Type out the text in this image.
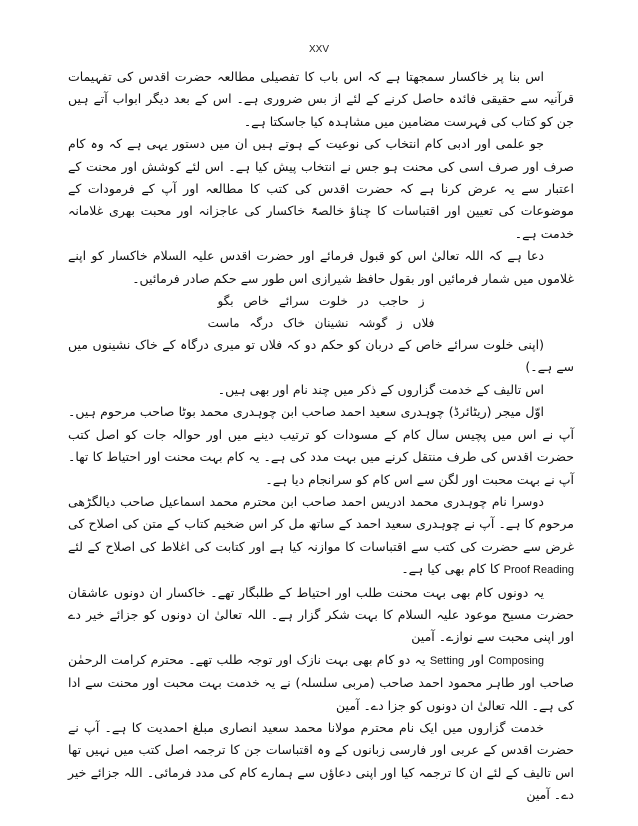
XXV

اس بنا پر خاکسار سمجھتا ہے کہ اس باب کا تفصیلی مطالعہ حضرت اقدس کی تفہیمات قرآنیہ سے حقیقی فائدہ حاصل کرنے کے لئے از بس ضروری ہے۔ اس کے بعد دیگر ابواب آتے ہیں جن کو کتاب کی فہرست مضامین میں مشاہدہ کیا جاسکتا ہے۔

جو علمی اور ادبی کام انتخاب کی نوعیت کے ہوتے ہیں ان میں دستور یہی ہے کہ وہ کام صرف اور صرف اسی کی محنت ہو جس نے انتخاب پیش کیا ہے۔ اس لئے کوشش اور محنت کے اعتبار سے یہ عرض کرنا ہے کہ حضرت اقدس کی کتب کا مطالعہ اور آپ کے فرمودات کے موضوعات کی تعیین اور اقتباسات کا چناؤ خالصۃً خاکسار کی عاجزانہ اور محبت بھری غلامانہ خدمت ہے۔

دعا ہے کہ اللہ تعالیٰ اس کو قبول فرمائے اور حضرت اقدس علیہ السلام خاکسار کو اپنے غلاموں میں شمار فرمائیں اور بقول حافظ شیرازی اس طور سے حکم صادر فرمائیں۔

ز حاجب در خلوت سرائے خاص بگو

فلاں ز گوشہ نشینان خاک درگہ ماست

(اپنی خلوت سرائے خاص کے دربان کو حکم دو کہ فلاں تو میری درگاہ کے خاک نشینوں میں سے ہے۔)

اس تالیف کے خدمت گزاروں کے ذکر میں چند نام اور بھی ہیں۔

اوّل میجر (ریٹائرڈ) چوہدری سعید احمد صاحب ابن چوہدری محمد بوٹا صاحب مرحوم ہیں۔ آپ نے اس میں پچیس سال کام کے مسودات کو ترتیب دینے میں اور حوالہ جات کو اصل کتب حضرت اقدس کی طرف منتقل کرنے میں بہت مدد کی ہے۔ یہ کام بہت محنت اور احتیاط کا تھا۔ آپ نے بہت محبت اور لگن سے اس کام کو سرانجام دیا ہے۔

دوسرا نام چوہدری محمد ادریس احمد صاحب ابن محترم محمد اسماعیل صاحب دیالگڑھی مرحوم کا ہے۔ آپ نے چوہدری سعید احمد کے ساتھ مل کر اس ضخیم کتاب کے متن کی اصلاح کی غرض سے حضرت کی کتب سے اقتباسات کا موازنہ کیا ہے اور کتابت کی اغلاط کی اصلاح کے لئے Proof Reading کا کام بھی کیا ہے۔

یہ دونوں کام بھی بہت محنت طلب اور احتیاط کے طلبگار تھے۔ خاکسار ان دونوں عاشقان حضرت مسیح موعود علیہ السلام کا بہت شکر گزار ہے۔ اللہ تعالیٰ ان دونوں کو جزائے خیر دے اور اپنی محبت سے نوازے۔ آمین

Composing اور Setting یہ دو کام بھی بہت نازک اور توجہ طلب تھے۔ محترم کرامت الرحمٰن صاحب اور طاہر محمود احمد صاحب (مربی سلسلہ) نے یہ خدمت بہت محبت اور محنت سے ادا کی ہے۔ اللہ تعالیٰ ان دونوں کو جزا دے۔ آمین

خدمت گزاروں میں ایک نام محترم مولانا محمد سعید انصاری مبلغ احمدیت کا ہے۔ آپ نے حضرت اقدس کے عربی اور فارسی زبانوں کے وہ اقتباسات جن کا ترجمہ اصل کتب میں نہیں تھا اس تالیف کے لئے ان کا ترجمہ کیا اور اپنی دعاؤں سے ہمارے کام کی مدد فرمائی۔ اللہ جزائے خیر دے۔ آمین
